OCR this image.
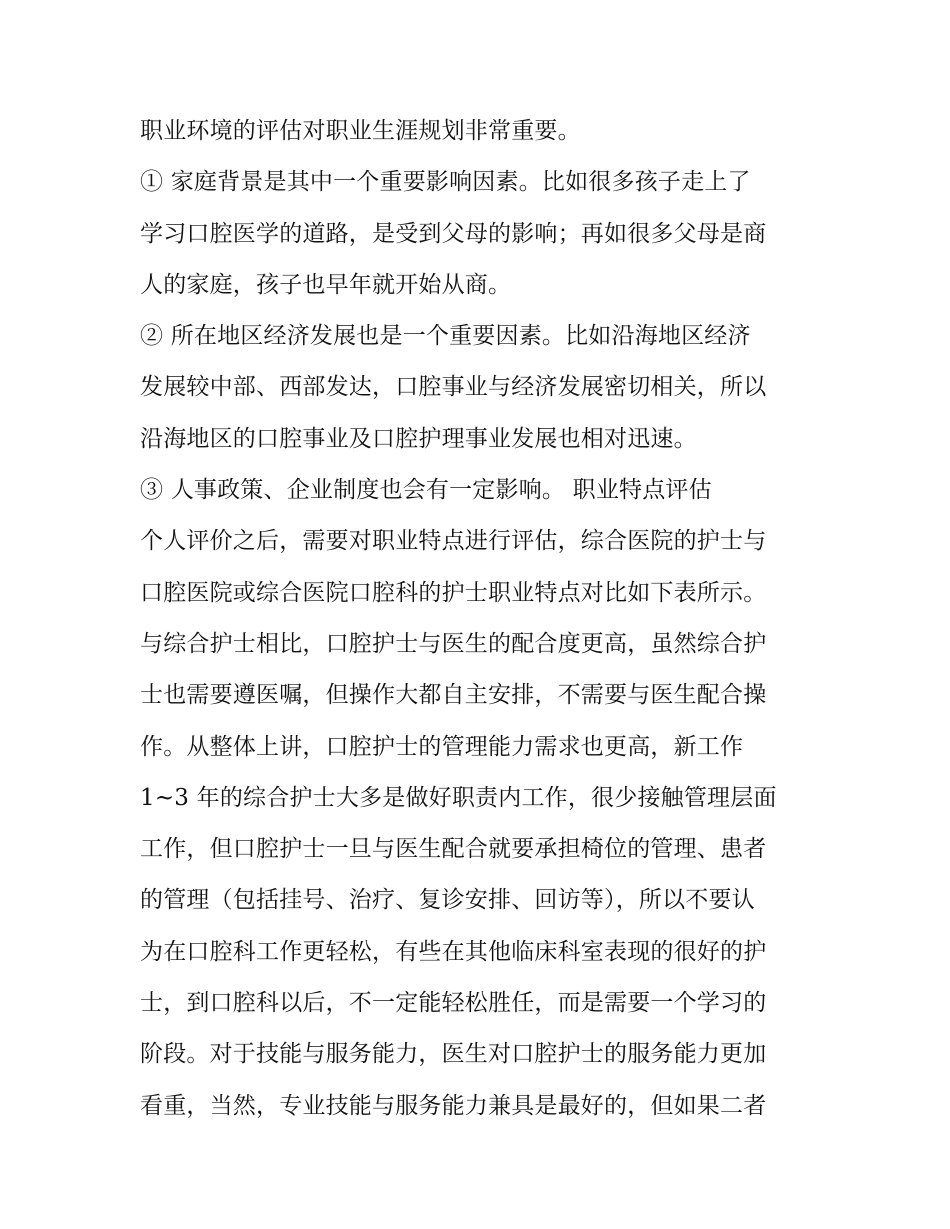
职业环境的评估对职业生涯规划非常重要。
① 家庭背景是其中一个重要影响因素。比如很多孩子走上了
学习口腔医学的道路，是受到父母的影响；再如很多父母是商
人的家庭，孩子也早年就开始从商。
② 所在地区经济发展也是一个重要因素。比如沿海地区经济
发展较中部、西部发达，口腔事业与经济发展密切相关，所以
沿海地区的口腔事业及口腔护理事业发展也相对迅速。
③ 人事政策、企业制度也会有一定影响。 职业特点评估
个人评价之后，需要对职业特点进行评估，综合医院的护士与
口腔医院或综合医院口腔科的护士职业特点对比如下表所示。
与综合护士相比，口腔护士与医生的配合度更高，虽然综合护
士也需要遵医嘱，但操作大都自主安排，不需要与医生配合操
作。从整体上讲，口腔护士的管理能力需求也更高，新工作
1~3 年的综合护士大多是做好职责内工作，很少接触管理层面
工作，但口腔护士一旦与医生配合就要承担椅位的管理、患者
的管理（包括挂号、治疗、复诊安排、回访等），所以不要认
为在口腔科工作更轻松，有些在其他临床科室表现的很好的护
士，到口腔科以后，不一定能轻松胜任，而是需要一个学习的
阶段。对于技能与服务能力，医生对口腔护士的服务能力更加
看重，当然，专业技能与服务能力兼具是最好的，但如果二者
